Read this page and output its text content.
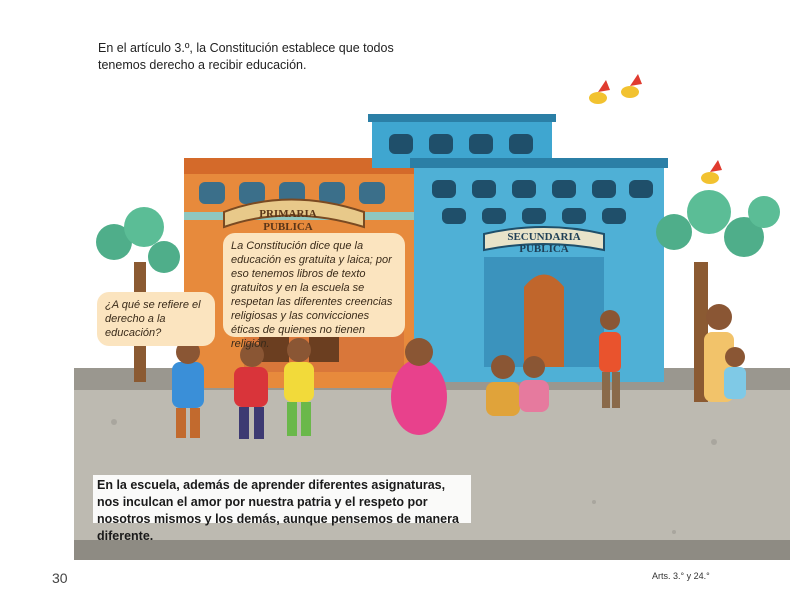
En el artículo 3.º, la Constitución establece que todos tenemos derecho a recibir educación.
PRIMARIA
PUBLICA
SECUNDARIA
PUBLICA
¿A qué se refiere el derecho a la educación?
La Constitución dice que la educación es gratuita y laica; por eso tenemos libros de texto gratuitos y en la escuela se respetan las diferentes creencias religiosas y las convicciones éticas de quienes no tienen religión.
En la escuela, además de aprender diferentes asignaturas, nos inculcan el amor por nuestra patria y el respeto por nosotros mismos y los demás, aunque pensemos de manera diferente.
30	Arts. 3.° y 24.°
